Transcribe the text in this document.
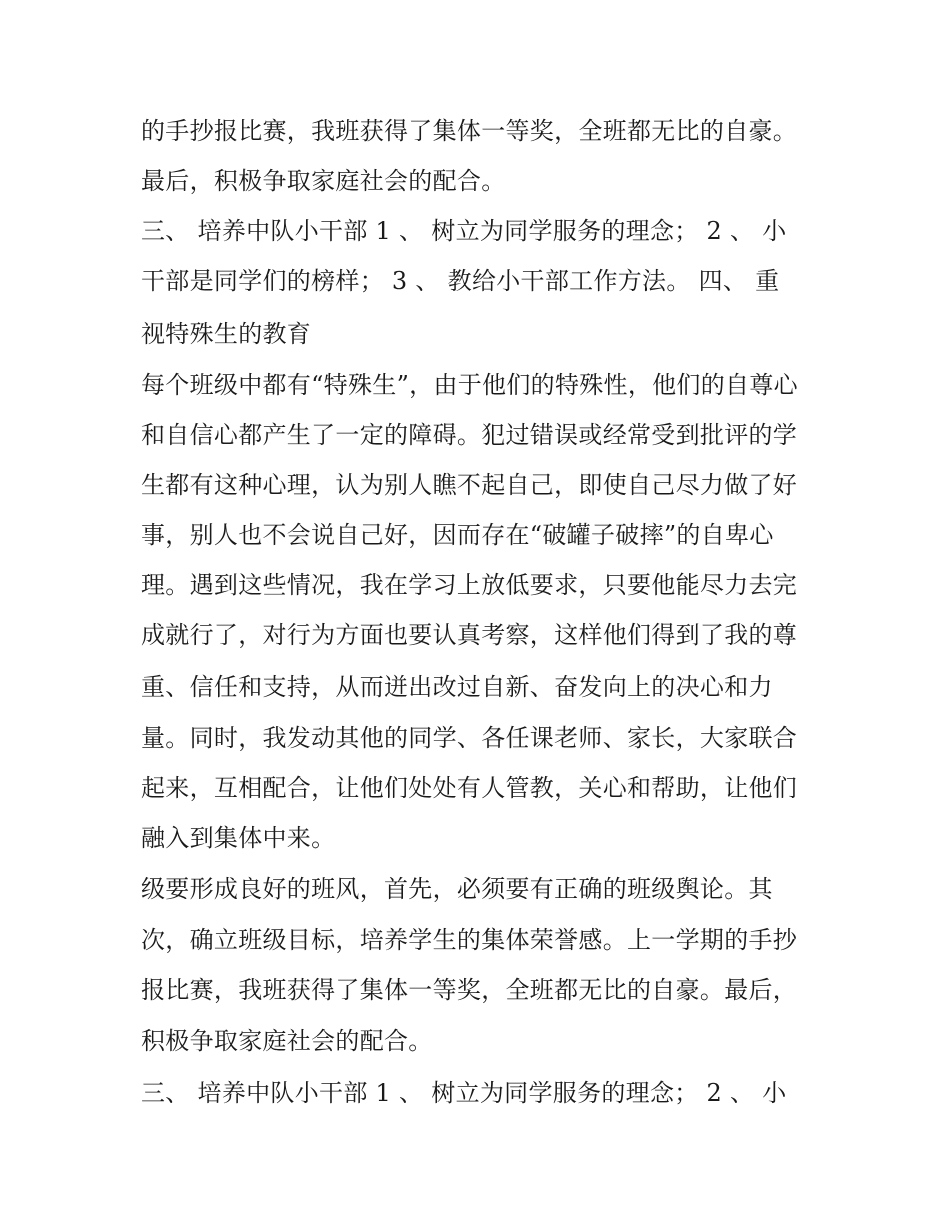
的手抄报比赛，我班获得了集体一等奖，全班都无比的自豪。
最后，积极争取家庭社会的配合。
三、 培养中队小干部 1 、 树立为同学服务的理念； 2 、 小
干部是同学们的榜样； 3 、 教给小干部工作方法。 四、 重
视特殊生的教育
每个班级中都有“特殊生”，由于他们的特殊性，他们的自尊心
和自信心都产生了一定的障碍。犯过错误或经常受到批评的学
生都有这种心理，认为别人瞧不起自己，即使自己尽力做了好
事，别人也不会说自己好，因而存在“破罐子破摔”的自卑心
理。遇到这些情况，我在学习上放低要求，只要他能尽力去完
成就行了，对行为方面也要认真考察，这样他们得到了我的尊
重、信任和支持，从而迸出改过自新、奋发向上的决心和力
量。同时，我发动其他的同学、各任课老师、家长，大家联合
起来，互相配合，让他们处处有人管教，关心和帮助，让他们
融入到集体中来。
级要形成良好的班风，首先，必须要有正确的班级舆论。其
次，确立班级目标，培养学生的集体荣誉感。上一学期的手抄
报比赛，我班获得了集体一等奖，全班都无比的自豪。最后，
积极争取家庭社会的配合。
三、 培养中队小干部 1 、 树立为同学服务的理念； 2 、 小
